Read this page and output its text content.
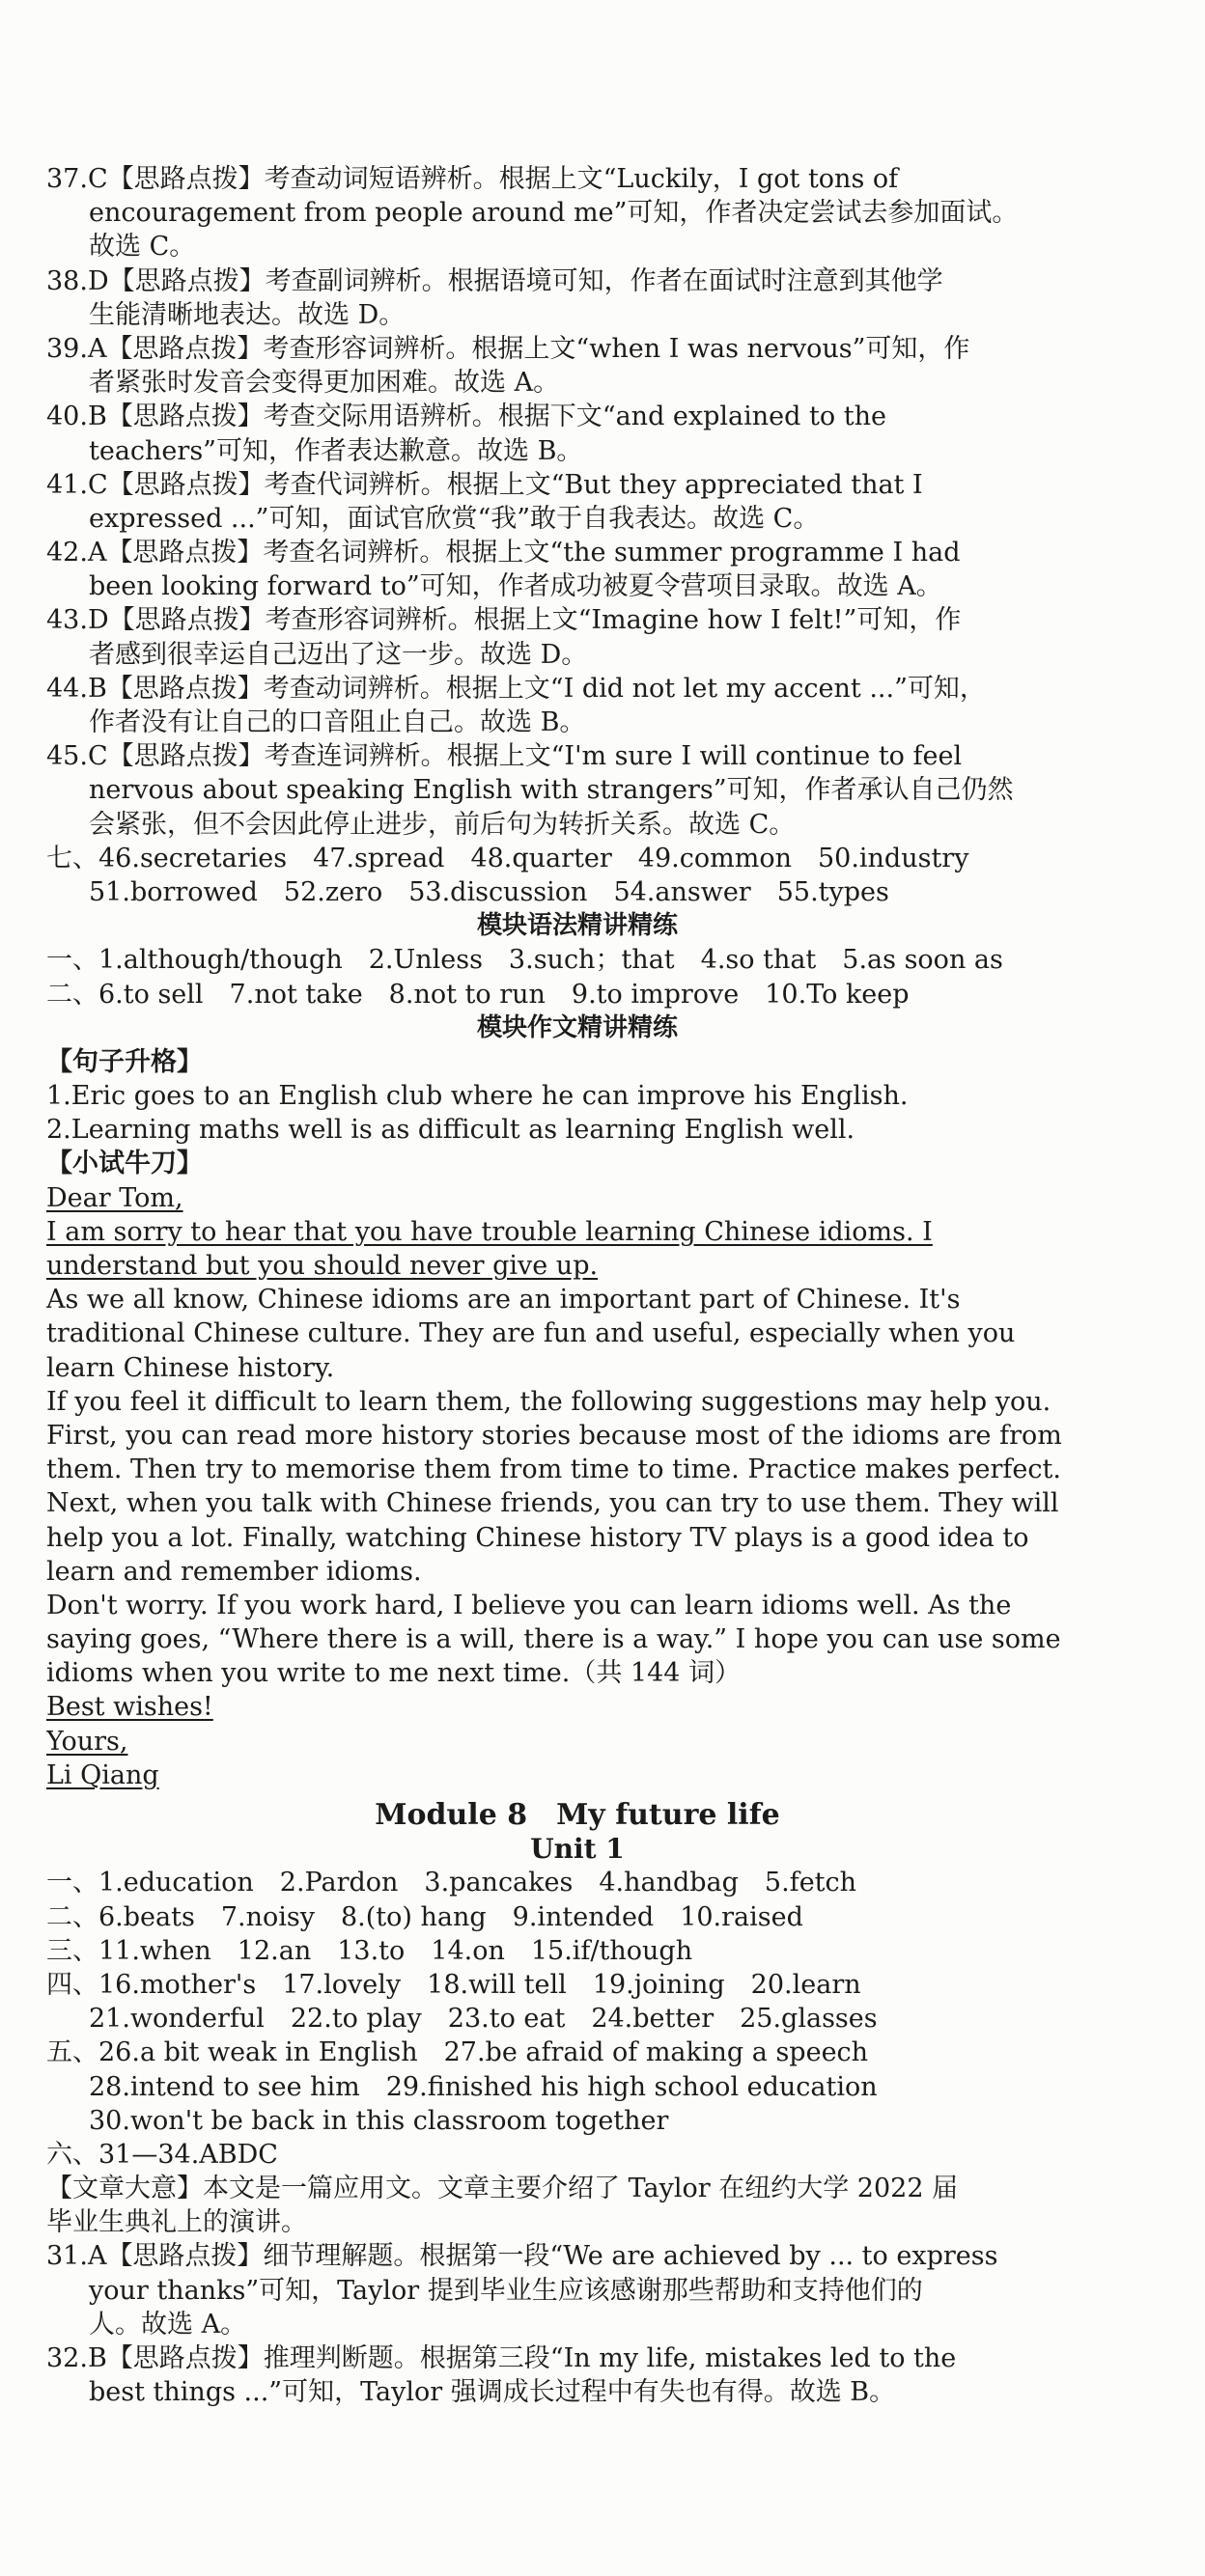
37.C【思路点拨】考查动词短语辨析。根据上文“Luckily，I got tons of
encouragement from people around me”可知，作者决定尝试去参加面试。
故选 C。
38.D【思路点拨】考查副词辨析。根据语境可知，作者在面试时注意到其他学
生能清晰地表达。故选 D。
39.A【思路点拨】考查形容词辨析。根据上文“when I was nervous”可知，作
者紧张时发音会变得更加困难。故选 A。
40.B【思路点拨】考查交际用语辨析。根据下文“and explained to the
teachers”可知，作者表达歉意。故选 B。
41.C【思路点拨】考查代词辨析。根据上文“But they appreciated that I
expressed ...”可知，面试官欣赏“我”敢于自我表达。故选 C。
42.A【思路点拨】考查名词辨析。根据上文“the summer programme I had
been looking forward to”可知，作者成功被夏令营项目录取。故选 A。
43.D【思路点拨】考查形容词辨析。根据上文“Imagine how I felt!”可知，作
者感到很幸运自己迈出了这一步。故选 D。
44.B【思路点拨】考查动词辨析。根据上文“I did not let my accent ...”可知，
作者没有让自己的口音阻止自己。故选 B。
45.C【思路点拨】考查连词辨析。根据上文“I'm sure I will continue to feel
nervous about speaking English with strangers”可知，作者承认自己仍然
会紧张，但不会因此停止进步，前后句为转折关系。故选 C。
七、46.secretaries　47.spread　48.quarter　49.common　50.industry
51.borrowed　52.zero　53.discussion　54.answer　55.types
模块语法精讲精练
一、1.although/though　2.Unless　3.such；that　4.so that　5.as soon as
二、6.to sell　7.not take　8.not to run　9.to improve　10.To keep
模块作文精讲精练
【句子升格】
1.Eric goes to an English club where he can improve his English.
2.Learning maths well is as difficult as learning English well.
【小试牛刀】
Dear Tom,
I am sorry to hear that you have trouble learning Chinese idioms. I
understand but you should never give up.
As we all know, Chinese idioms are an important part of Chinese. It's
traditional Chinese culture. They are fun and useful, especially when you
learn Chinese history.
If you feel it difficult to learn them, the following suggestions may help you.
First, you can read more history stories because most of the idioms are from
them. Then try to memorise them from time to time. Practice makes perfect.
Next, when you talk with Chinese friends, you can try to use them. They will
help you a lot. Finally, watching Chinese history TV plays is a good idea to
learn and remember idioms.
Don't worry. If you work hard, I believe you can learn idioms well. As the
saying goes, “Where there is a will, there is a way.” I hope you can use some
idioms when you write to me next time.（共 144 词）
Best wishes!
Yours,
Li Qiang
Module 8　My future life
Unit 1
一、1.education　2.Pardon　3.pancakes　4.handbag　5.fetch
二、6.beats　7.noisy　8.(to) hang　9.intended　10.raised
三、11.when　12.an　13.to　14.on　15.if/though
四、16.mother's　17.lovely　18.will tell　19.joining　20.learn
21.wonderful　22.to play　23.to eat　24.better　25.glasses
五、26.a bit weak in English　27.be afraid of making a speech
28.intend to see him　29.finished his high school education
30.won't be back in this classroom together
六、31—34.ABDC
【文章大意】本文是一篇应用文。文章主要介绍了 Taylor 在纽约大学 2022 届
毕业生典礼上的演讲。
31.A【思路点拨】细节理解题。根据第一段“We are achieved by ... to express
your thanks”可知，Taylor 提到毕业生应该感谢那些帮助和支持他们的
人。故选 A。
32.B【思路点拨】推理判断题。根据第三段“In my life, mistakes led to the
best things ...”可知，Taylor 强调成长过程中有失也有得。故选 B。
